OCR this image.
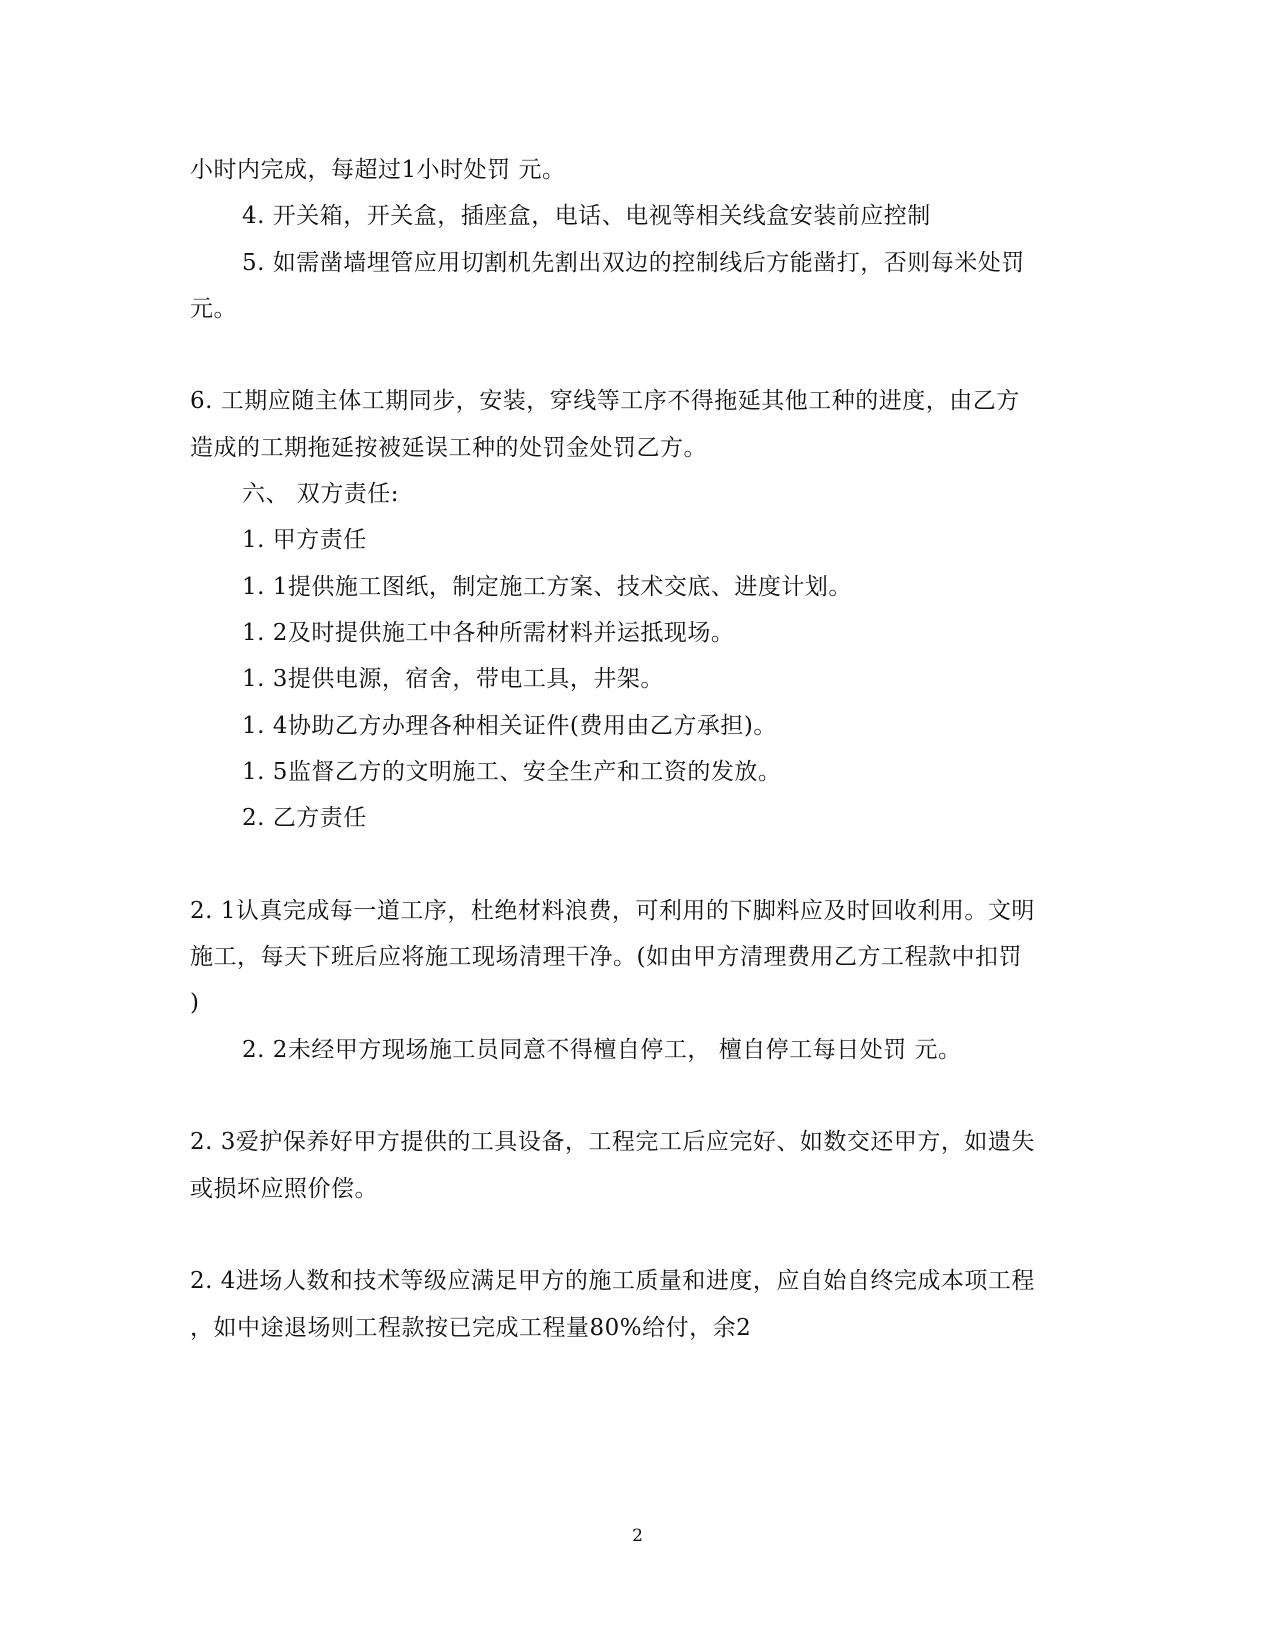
小时内完成，每超过1小时处罚 元。
4. 开关箱，开关盒，插座盒，电话、电视等相关线盒安装前应控制
5. 如需凿墙埋管应用切割机先割出双边的控制线后方能凿打，否则每米处罚
元。
6. 工期应随主体工期同步，安装，穿线等工序不得拖延其他工种的进度，由乙方
造成的工期拖延按被延误工种的处罚金处罚乙方。
六、 双方责任:
1. 甲方责任
1. 1提供施工图纸，制定施工方案、技术交底、进度计划。
1. 2及时提供施工中各种所需材料并运抵现场。
1. 3提供电源，宿舍，带电工具，井架。
1. 4协助乙方办理各种相关证件(费用由乙方承担)。
1. 5监督乙方的文明施工、安全生产和工资的发放。
2. 乙方责任
2. 1认真完成每一道工序，杜绝材料浪费，可利用的下脚料应及时回收利用。文明
施工，每天下班后应将施工现场清理干净。(如由甲方清理费用乙方工程款中扣罚
)
2. 2未经甲方现场施工员同意不得檀自停工， 檀自停工每日处罚 元。
2. 3爱护保养好甲方提供的工具设备，工程完工后应完好、如数交还甲方，如遗失
或损坏应照价偿。
2. 4进场人数和技术等级应满足甲方的施工质量和进度，应自始自终完成本项工程
，如中途退场则工程款按已完成工程量80%给付，余2
2
